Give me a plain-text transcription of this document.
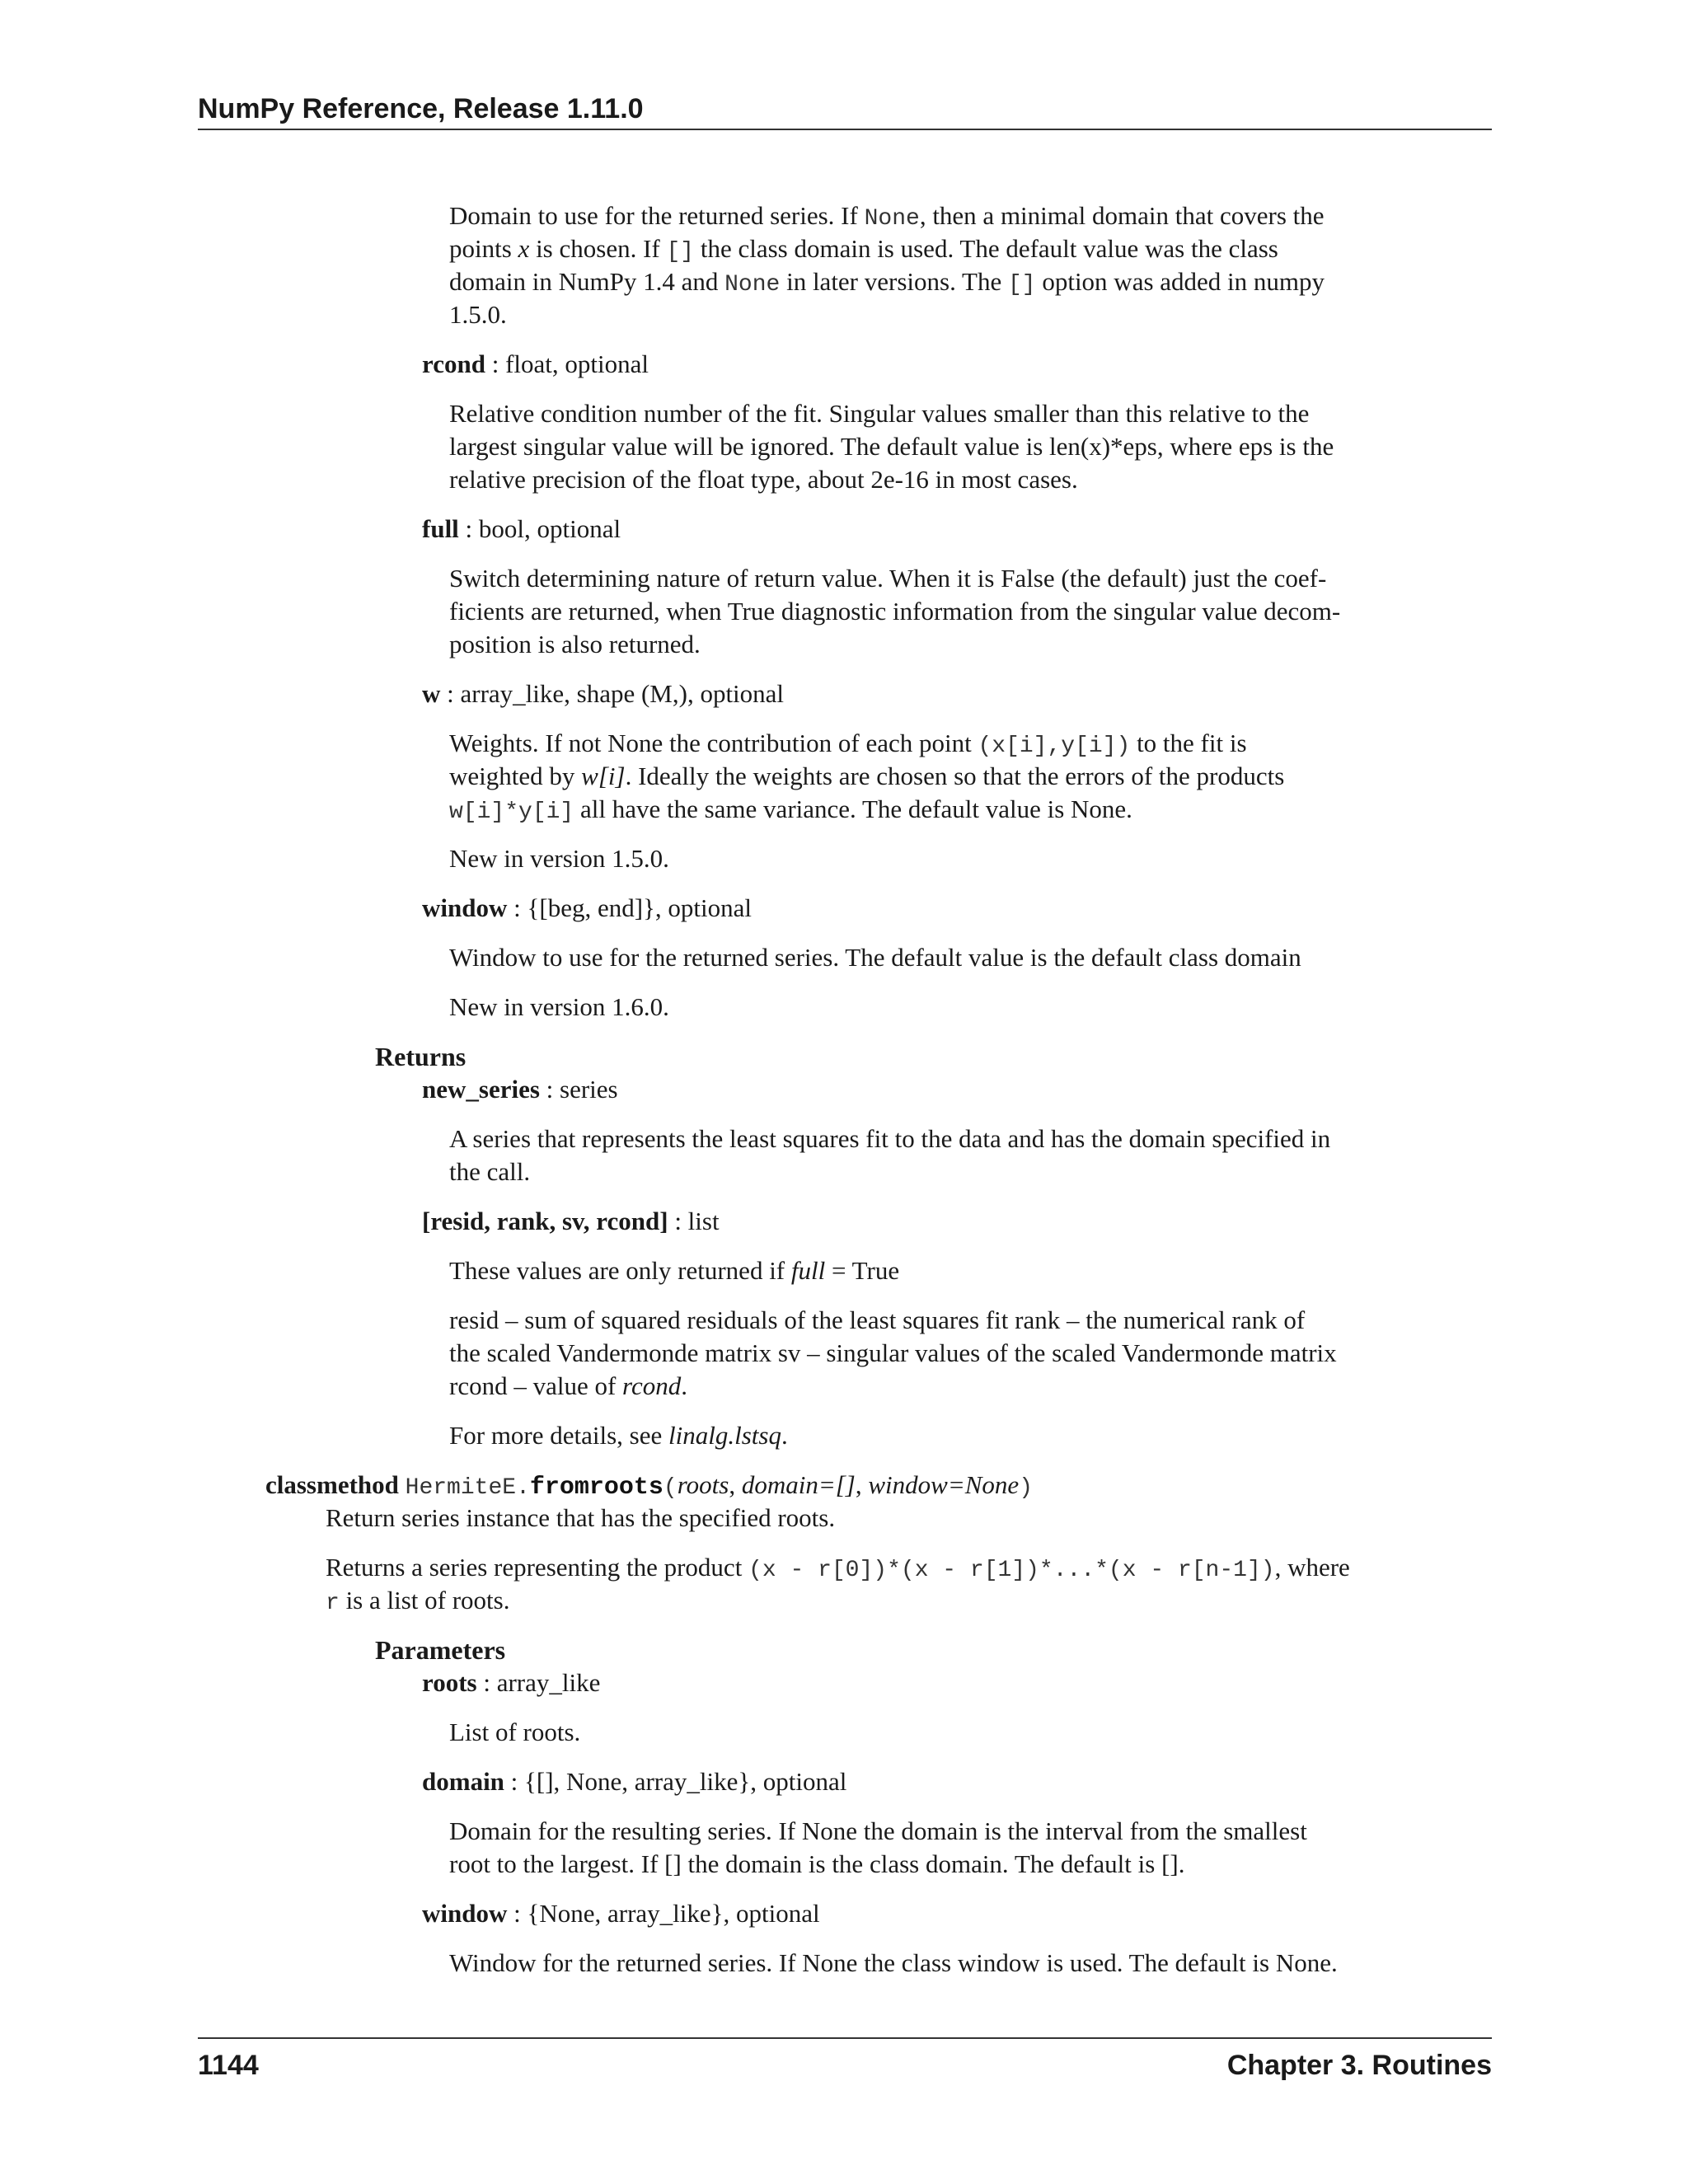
NumPy Reference, Release 1.11.0
Domain to use for the returned series. If None, then a minimal domain that covers the
points x is chosen. If [] the class domain is used. The default value was the class
domain in NumPy 1.4 and None in later versions. The [] option was added in numpy
1.5.0.
rcond : float, optional
Relative condition number of the fit. Singular values smaller than this relative to the
largest singular value will be ignored. The default value is len(x)*eps, where eps is the
relative precision of the float type, about 2e-16 in most cases.
full : bool, optional
Switch determining nature of return value. When it is False (the default) just the coef-
ficients are returned, when True diagnostic information from the singular value decom-
position is also returned.
w : array_like, shape (M,), optional
Weights. If not None the contribution of each point (x[i],y[i]) to the fit is
weighted by w[i]. Ideally the weights are chosen so that the errors of the products
w[i]*y[i] all have the same variance. The default value is None.
New in version 1.5.0.
window : {[beg, end]}, optional
Window to use for the returned series. The default value is the default class domain
New in version 1.6.0.
Returns
new_series : series
A series that represents the least squares fit to the data and has the domain specified in
the call.
[resid, rank, sv, rcond] : list
These values are only returned if full = True
resid – sum of squared residuals of the least squares fit rank – the numerical rank of
the scaled Vandermonde matrix sv – singular values of the scaled Vandermonde matrix
rcond – value of rcond.
For more details, see linalg.lstsq.
classmethod HermiteE.fromroots(roots, domain=[], window=None)
Return series instance that has the specified roots.
Returns a series representing the product (x - r[0])*(x - r[1])*...*(x - r[n-1]), where
r is a list of roots.
Parameters
roots : array_like
List of roots.
domain : {[], None, array_like}, optional
Domain for the resulting series. If None the domain is the interval from the smallest
root to the largest. If [] the domain is the class domain. The default is [].
window : {None, array_like}, optional
Window for the returned series. If None the class window is used. The default is None.
1144	Chapter 3. Routines
